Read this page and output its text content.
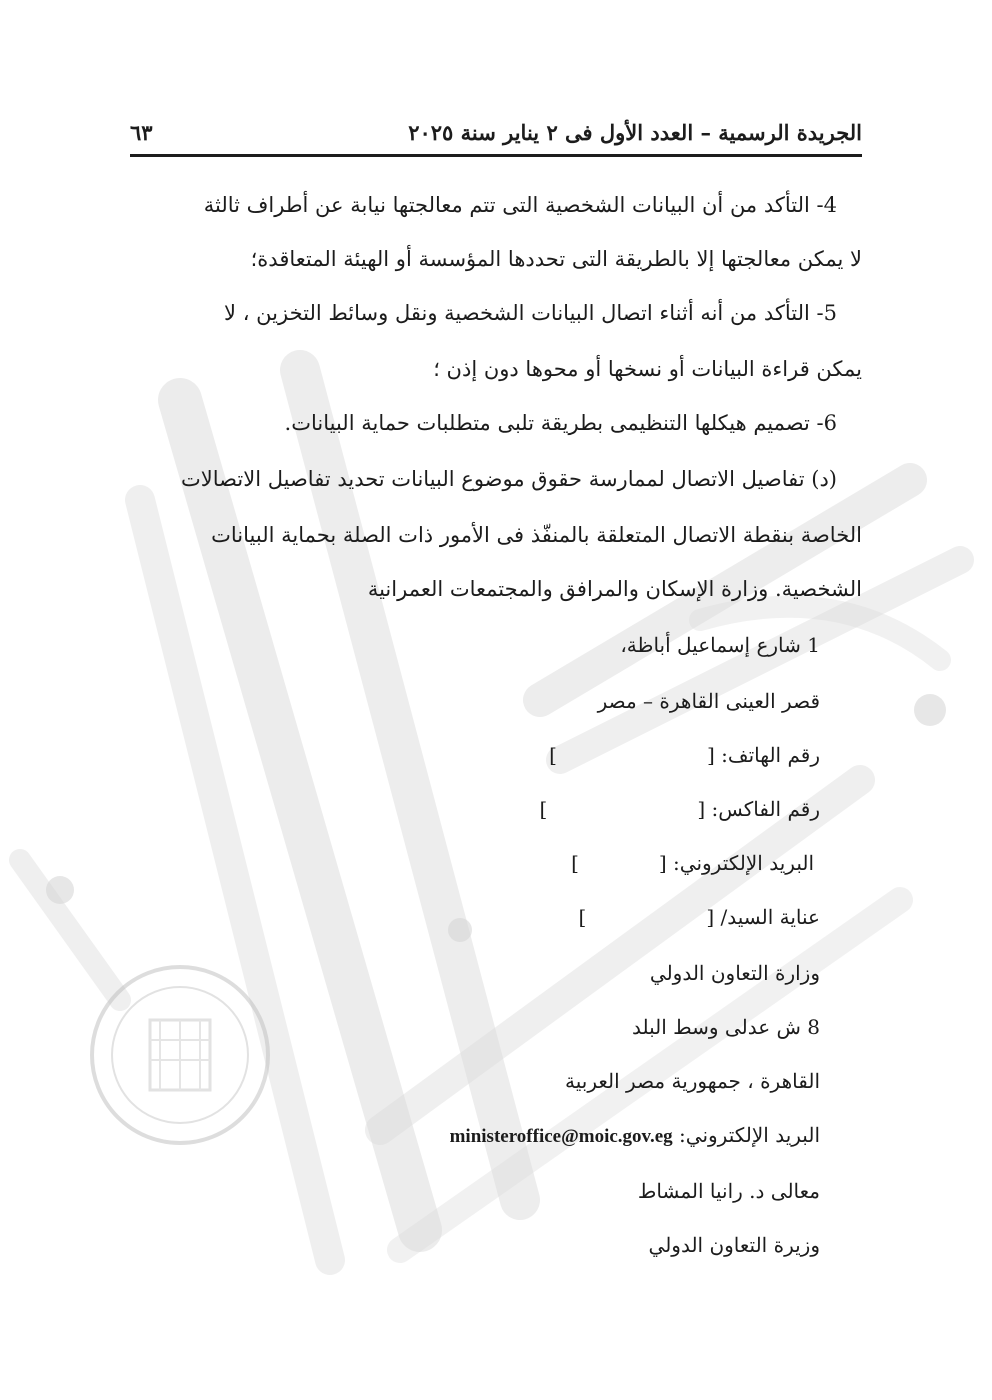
الجريدة الرسمية – العدد الأول فى ٢ يناير سنة ٢٠٢٥
٦٣
4- التأكد من أن البيانات الشخصية التى تتم معالجتها نيابة عن أطراف ثالثة
لا يمكن معالجتها إلا بالطريقة التى تحددها المؤسسة أو الهيئة المتعاقدة؛
5- التأكد من أنه أثناء اتصال البيانات الشخصية ونقل وسائط التخزين ، لا
يمكن قراءة البيانات أو نسخها أو محوها دون إذن ؛
6- تصميم هيكلها التنظيمى بطريقة تلبى متطلبات حماية البيانات.
(د) تفاصيل الاتصال لممارسة حقوق موضوع البيانات تحديد تفاصيل الاتصالات
الخاصة بنقطة الاتصال المتعلقة بالمنفّذ فى الأمور ذات الصلة بحماية البيانات
الشخصية. وزارة الإسكان والمرافق والمجتمعات العمرانية
1 شارع إسماعيل أباظة،
قصر العينى القاهرة – مصر
رقم الهاتف: []
رقم الفاكس: []
البريد الإلكتروني: []
عناية السيد/ []
وزارة التعاون الدولي
8 ش عدلى وسط البلد
القاهرة ، جمهورية مصر العربية
البريد الإلكتروني: ministeroffice@moic.gov.eg
معالى د. رانيا المشاط
وزيرة التعاون الدولي
